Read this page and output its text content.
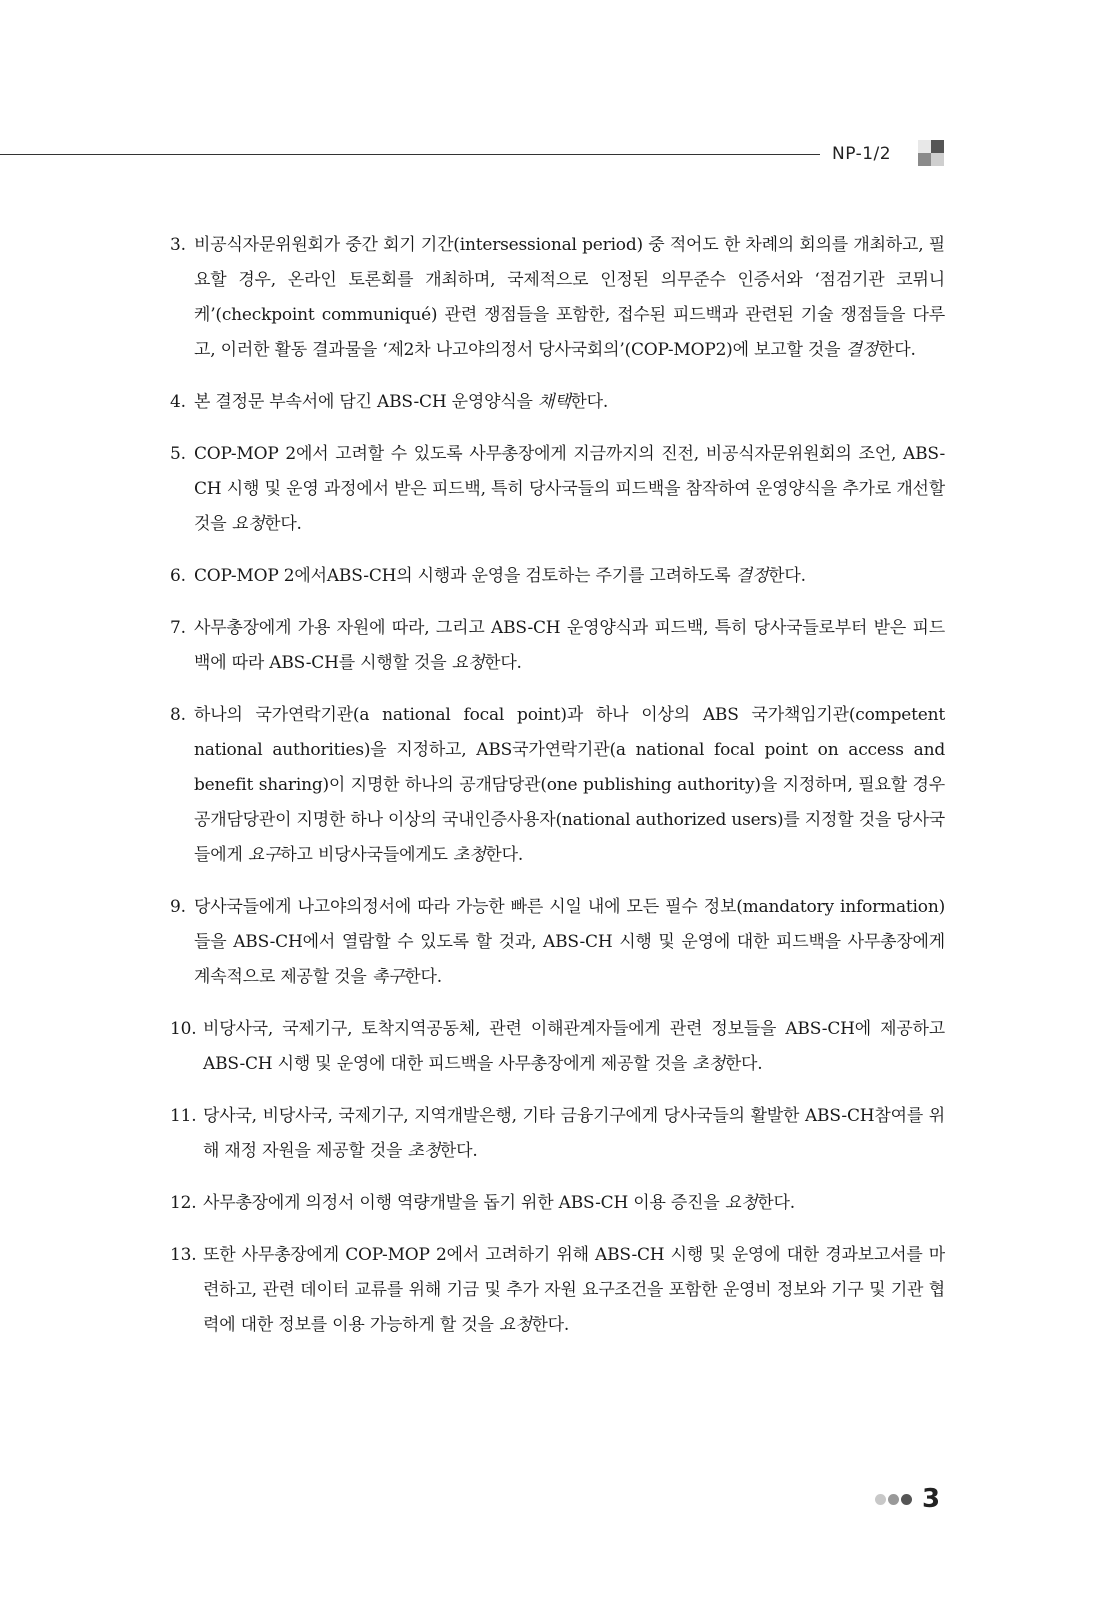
NP-1/2
3. 비공식자문위원회가 중간 회기 기간(intersessional period) 중 적어도 한 차례의 회의를 개최하고, 필요할 경우, 온라인 토론회를 개최하며, 국제적으로 인정된 의무준수 인증서와 ‘점검기관 코뮈니케’(checkpoint communiqué) 관련 쟁점들을 포함한, 접수된 피드백과 관련된 기술 쟁점들을 다루고, 이러한 활동 결과물을 ‘제2차 나고야의정서 당사국회의’(COP-MOP2)에 보고할 것을 결정한다.
4. 본 결정문 부속서에 담긴 ABS-CH 운영양식을 채택한다.
5. COP-MOP 2에서 고려할 수 있도록 사무총장에게 지금까지의 진전, 비공식자문위원회의 조언, ABS-CH 시행 및 운영 과정에서 받은 피드백, 특히 당사국들의 피드백을 참작하여 운영양식을 추가로 개선할 것을 요청한다.
6. COP-MOP 2에서ABS-CH의 시행과 운영을 검토하는 주기를 고려하도록 결정한다.
7. 사무총장에게 가용 자원에 따라, 그리고 ABS-CH 운영양식과 피드백, 특히 당사국들로부터 받은 피드백에 따라 ABS-CH를 시행할 것을 요청한다.
8. 하나의 국가연락기관(a national focal point)과 하나 이상의 ABS 국가책임기관(competent national authorities)을 지정하고, ABS국가연락기관(a national focal point on access and benefit sharing)이 지명한 하나의 공개담당관(one publishing authority)을 지정하며, 필요할 경우 공개담당관이 지명한 하나 이상의 국내인증사용자(national authorized users)를 지정할 것을 당사국들에게 요구하고 비당사국들에게도 초청한다.
9. 당사국들에게 나고야의정서에 따라 가능한 빠른 시일 내에 모든 필수 정보(mandatory information)들을 ABS-CH에서 열람할 수 있도록 할 것과, ABS-CH 시행 및 운영에 대한 피드백을 사무총장에게 계속적으로 제공할 것을 촉구한다.
10. 비당사국, 국제기구, 토착지역공동체, 관련 이해관계자들에게 관련 정보들을 ABS-CH에 제공하고 ABS-CH 시행 및 운영에 대한 피드백을 사무총장에게 제공할 것을 초청한다.
11. 당사국, 비당사국, 국제기구, 지역개발은행, 기타 금융기구에게 당사국들의 활발한 ABS-CH참여를 위해 재정 자원을 제공할 것을 초청한다.
12. 사무총장에게 의정서 이행 역량개발을 돕기 위한 ABS-CH 이용 증진을 요청한다.
13. 또한 사무총장에게 COP-MOP 2에서 고려하기 위해 ABS-CH 시행 및 운영에 대한 경과보고서를 마련하고, 관련 데이터 교류를 위해 기금 및 추가 자원 요구조건을 포함한 운영비 정보와 기구 및 기관 협력에 대한 정보를 이용 가능하게 할 것을 요청한다.
3
